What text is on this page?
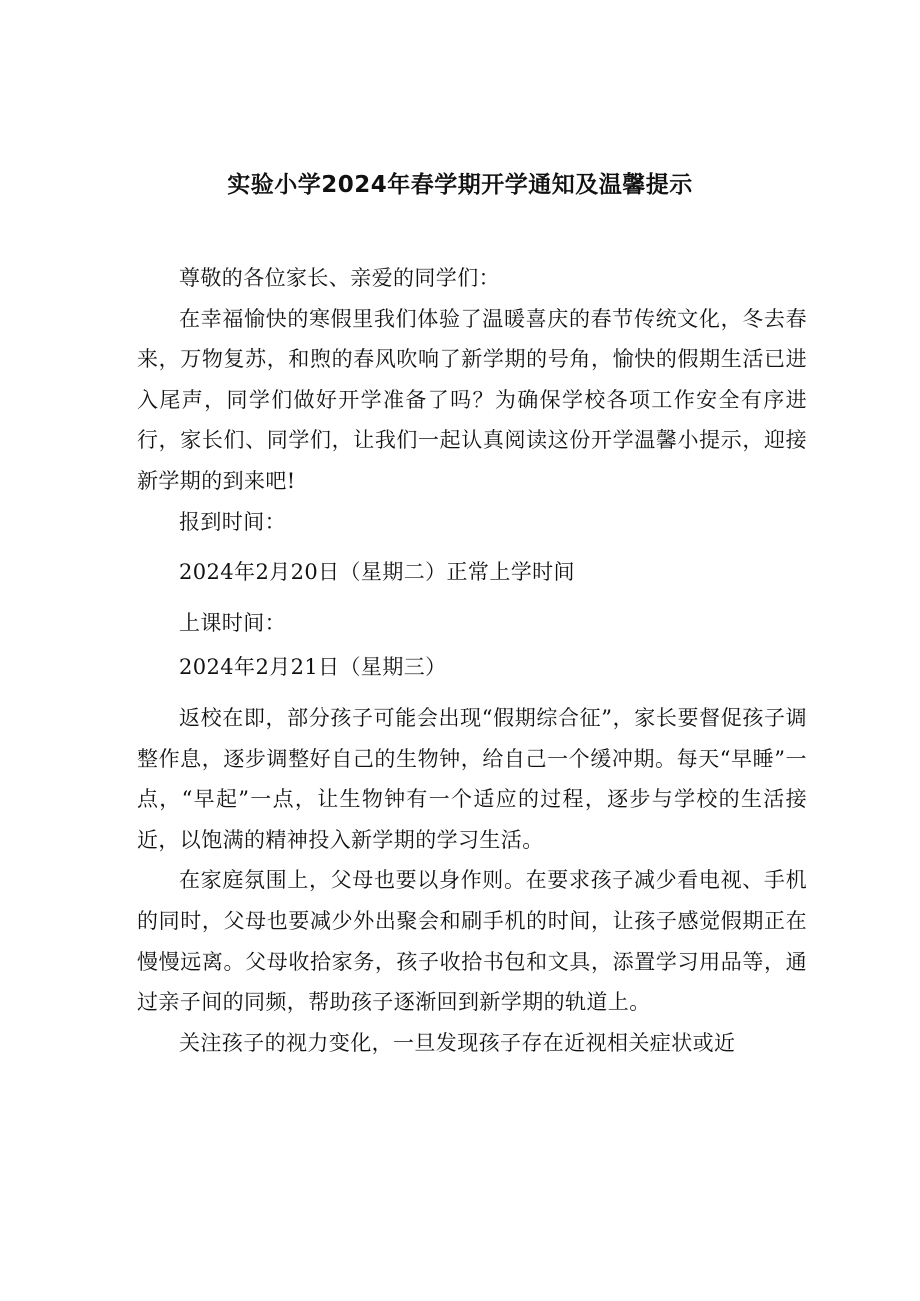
实验小学2024年春学期开学通知及温馨提示

尊敬的各位家长、亲爱的同学们：

在幸福愉快的寒假里我们体验了温暖喜庆的春节传统文化，冬去春来，万物复苏，和煦的春风吹响了新学期的号角，愉快的假期生活已进入尾声，同学们做好开学准备了吗？为确保学校各项工作安全有序进行，家长们、同学们，让我们一起认真阅读这份开学温馨小提示，迎接新学期的到来吧!

报到时间：

2024年2月20日（星期二）正常上学时间

上课时间：

2024年2月21日（星期三）

返校在即，部分孩子可能会出现“假期综合征”，家长要督促孩子调整作息，逐步调整好自己的生物钟，给自己一个缓冲期。每天“早睡”一点，“早起”一点，让生物钟有一个适应的过程，逐步与学校的生活接近，以饱满的精神投入新学期的学习生活。

在家庭氛围上，父母也要以身作则。在要求孩子减少看电视、手机的同时，父母也要减少外出聚会和刷手机的时间，让孩子感觉假期正在慢慢远离。父母收拾家务，孩子收拾书包和文具，添置学习用品等，通过亲子间的同频，帮助孩子逐渐回到新学期的轨道上。

关注孩子的视力变化，一旦发现孩子存在近视相关症状或近
